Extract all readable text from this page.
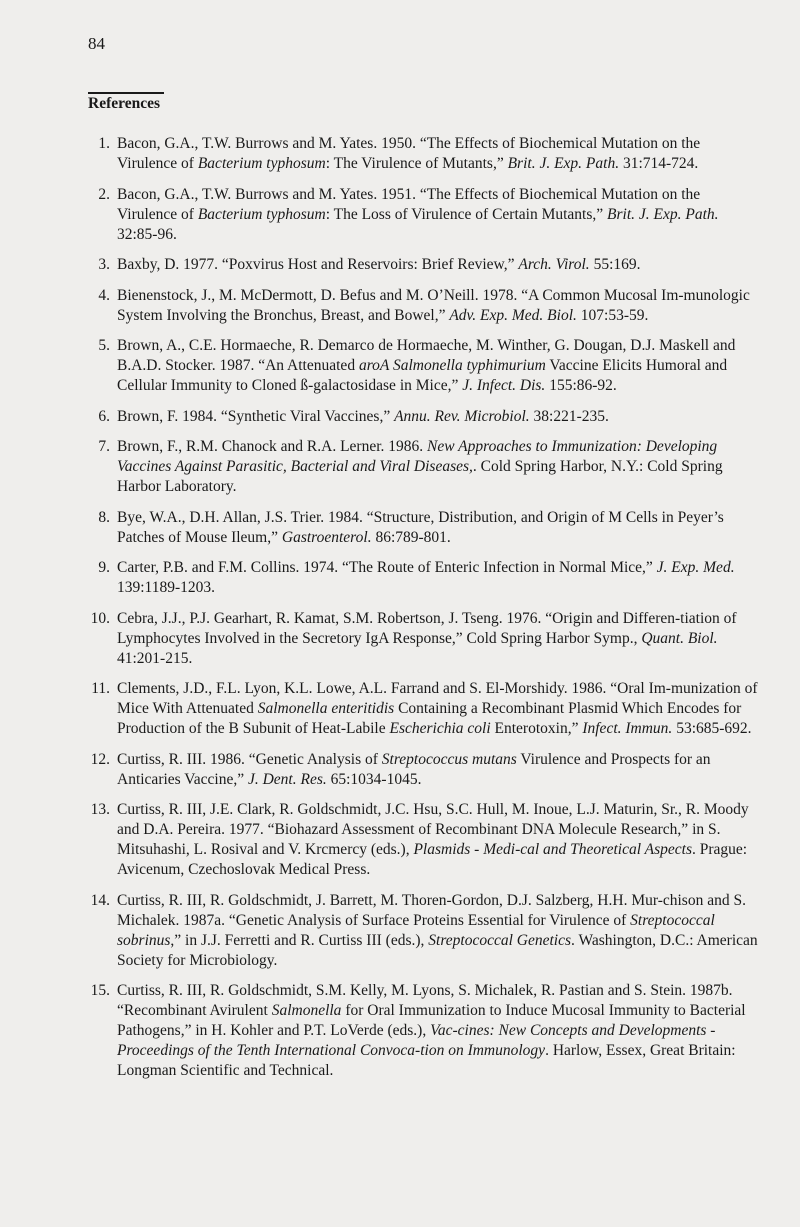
84
References
1. Bacon, G.A., T.W. Burrows and M. Yates. 1950. “The Effects of Biochemical Mutation on the Virulence of Bacterium typhosum: The Virulence of Mutants,” Brit. J. Exp. Path. 31:714-724.
2. Bacon, G.A., T.W. Burrows and M. Yates. 1951. “The Effects of Biochemical Mutation on the Virulence of Bacterium typhosum: The Loss of Virulence of Certain Mutants,” Brit. J. Exp. Path. 32:85-96.
3. Baxby, D. 1977. “Poxvirus Host and Reservoirs: Brief Review,” Arch. Virol. 55:169.
4. Bienenstock, J., M. McDermott, D. Befus and M. O’Neill. 1978. “A Common Mucosal Im-munologic System Involving the Bronchus, Breast, and Bowel,” Adv. Exp. Med. Biol. 107:53-59.
5. Brown, A., C.E. Hormaeche, R. Demarco de Hormaeche, M. Winther, G. Dougan, D.J. Maskell and B.A.D. Stocker. 1987. “An Attenuated aroA Salmonella typhimurium Vaccine Elicits Humoral and Cellular Immunity to Cloned ß-galactosidase in Mice,” J. Infect. Dis. 155:86-92.
6. Brown, F. 1984. “Synthetic Viral Vaccines,” Annu. Rev. Microbiol. 38:221-235.
7. Brown, F., R.M. Chanock and R.A. Lerner. 1986. New Approaches to Immunization: Developing Vaccines Against Parasitic, Bacterial and Viral Diseases,. Cold Spring Harbor, N.Y.: Cold Spring Harbor Laboratory.
8. Bye, W.A., D.H. Allan, J.S. Trier. 1984. “Structure, Distribution, and Origin of M Cells in Peyer’s Patches of Mouse Ileum,” Gastroenterol. 86:789-801.
9. Carter, P.B. and F.M. Collins. 1974. “The Route of Enteric Infection in Normal Mice,” J. Exp. Med. 139:1189-1203.
10. Cebra, J.J., P.J. Gearhart, R. Kamat, S.M. Robertson, J. Tseng. 1976. “Origin and Differen-tiation of Lymphocytes Involved in the Secretory IgA Response,” Cold Spring Harbor Symp., Quant. Biol. 41:201-215.
11. Clements, J.D., F.L. Lyon, K.L. Lowe, A.L. Farrand and S. El-Morshidy. 1986. “Oral Im-munization of Mice With Attenuated Salmonella enteritidis Containing a Recombinant Plasmid Which Encodes for Production of the B Subunit of Heat-Labile Escherichia coli Enterotoxin,” Infect. Immun. 53:685-692.
12. Curtiss, R. III. 1986. “Genetic Analysis of Streptococcus mutans Virulence and Prospects for an Anticaries Vaccine,” J. Dent. Res. 65:1034-1045.
13. Curtiss, R. III, J.E. Clark, R. Goldschmidt, J.C. Hsu, S.C. Hull, M. Inoue, L.J. Maturin, Sr., R. Moody and D.A. Pereira. 1977. “Biohazard Assessment of Recombinant DNA Molecule Research,” in S. Mitsuhashi, L. Rosival and V. Krcmercy (eds.), Plasmids - Medi-cal and Theoretical Aspects. Prague: Avicenum, Czechoslovak Medical Press.
14. Curtiss, R. III, R. Goldschmidt, J. Barrett, M. Thoren-Gordon, D.J. Salzberg, H.H. Mur-chison and S. Michalek. 1987a. “Genetic Analysis of Surface Proteins Essential for Virulence of Streptococcal sobrinus,” in J.J. Ferretti and R. Curtiss III (eds.), Streptococcal Genetics. Washington, D.C.: American Society for Microbiology.
15. Curtiss, R. III, R. Goldschmidt, S.M. Kelly, M. Lyons, S. Michalek, R. Pastian and S. Stein. 1987b. “Recombinant Avirulent Salmonella for Oral Immunization to Induce Mucosal Immunity to Bacterial Pathogens,” in H. Kohler and P.T. LoVerde (eds.), Vac-cines: New Concepts and Developments - Proceedings of the Tenth International Convoca-tion on Immunology. Harlow, Essex, Great Britain: Longman Scientific and Technical.
